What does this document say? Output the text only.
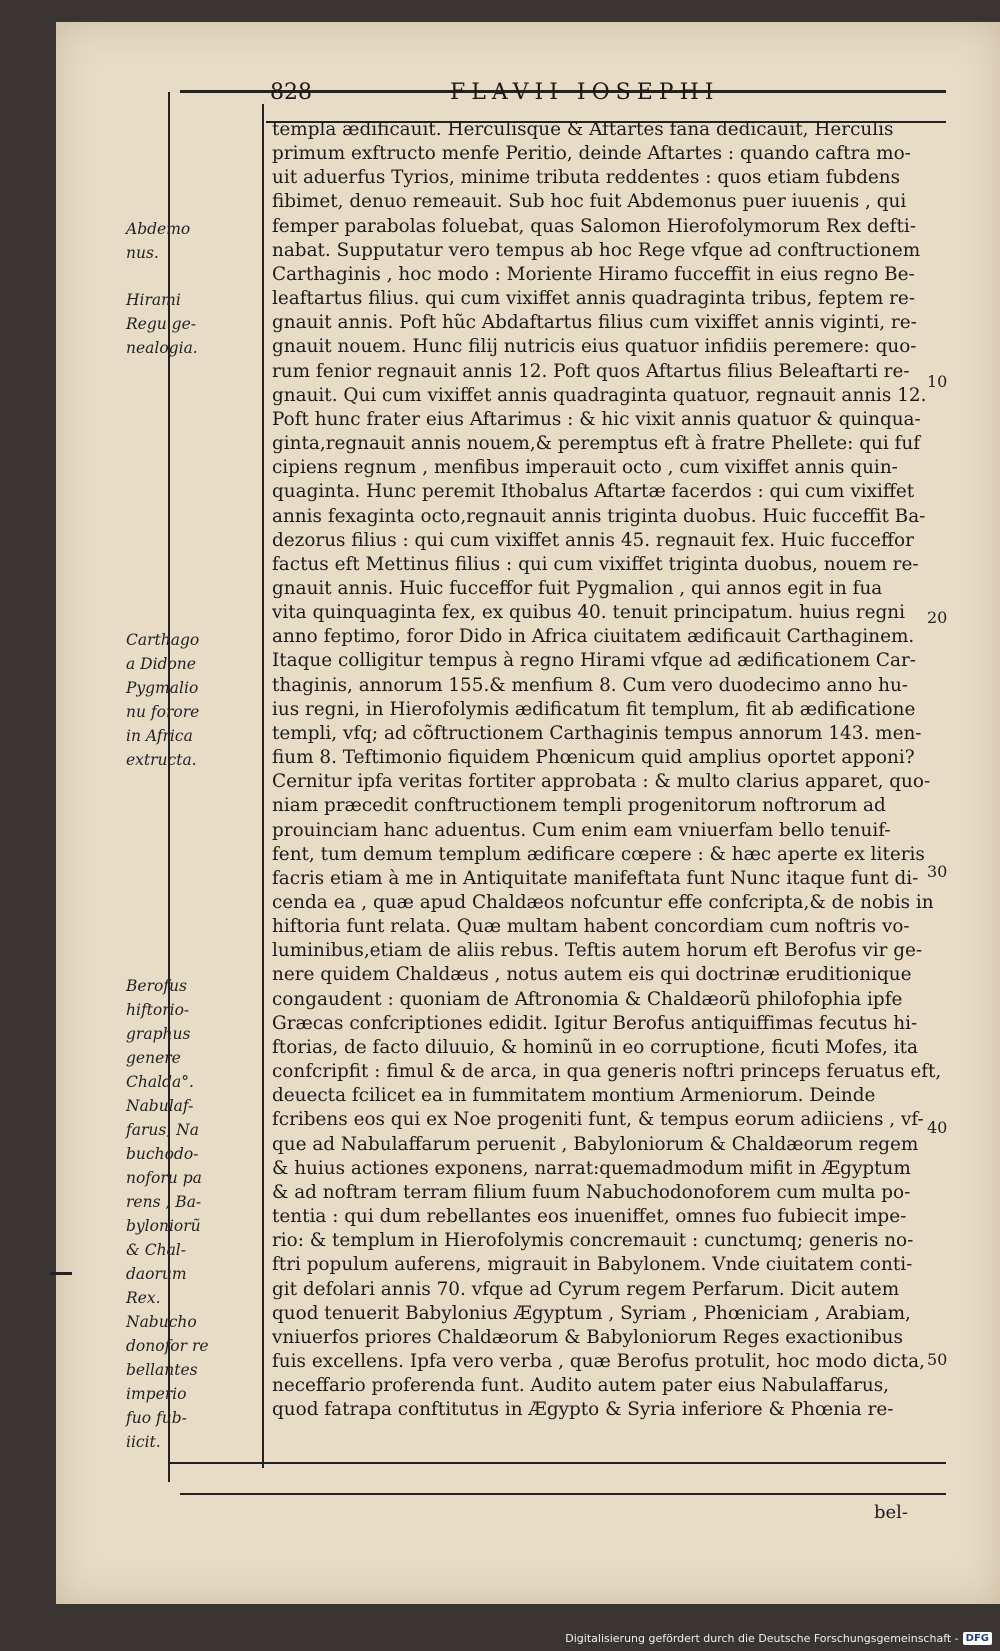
828	FLAVII IOSEPHI
Abdemo
nus.
Hirami
Regu ge-
nealogia.
Carthago
a Didone
Pygmalio
nu forore
in Africa
extructa.
Berofus
hiftorio-
graphus
genere
Chalda°.
Nabulaf-
farus, Na
buchodo-
noforu pa
rens , Ba-
byloniorũ
& Chal-
daorum
Rex.
Nabucho
donofor re
bellantes
imperio
fuo fub-
iicit.
templa ædificauit. Herculisque & Aftartes fana dedicauit, Herculis
primum exftructo menfe Peritio, deinde Aftartes : quando caftra mo-
uit aduerfus Tyrios, minime tributa reddentes : quos etiam fubdens
fibimet, denuo remeauit. Sub hoc fuit Abdemonus puer iuuenis , qui
femper parabolas foluebat, quas Salomon Hierofolymorum Rex defti-
nabat. Supputatur vero tempus ab hoc Rege vfque ad conftructionem
Carthaginis , hoc modo : Moriente Hiramo fucceffit in eius regno Be-
leaftartus filius. qui cum vixiffet annis quadraginta tribus, feptem re-
gnauit annis. Poft hũc Abdaftartus filius cum vixiffet annis viginti, re-
gnauit nouem. Hunc filij nutricis eius quatuor infidiis peremere: quo-
rum fenior regnauit annis 12. Poft quos Aftartus filius Beleaftarti re-
gnauit. Qui cum vixiffet annis quadraginta quatuor, regnauit annis 12.
Poft hunc frater eius Aftarimus : & hic vixit annis quatuor & quinqua-
ginta,regnauit annis nouem,& peremptus eft à fratre Phellete: qui fuf
cipiens regnum , menfibus imperauit octo , cum vixiffet annis quin-
quaginta. Hunc peremit Ithobalus Aftartæ facerdos : qui cum vixiffet
annis fexaginta octo,regnauit annis triginta duobus. Huic fucceffit Ba-
dezorus filius : qui cum vixiffet annis 45. regnauit fex. Huic fucceffor
factus eft Mettinus filius : qui cum vixiffet triginta duobus, nouem re-
gnauit annis. Huic fucceffor fuit Pygmalion , qui annos egit in fua
vita quinquaginta fex, ex quibus 40. tenuit principatum. huius regni
anno feptimo, foror Dido in Africa ciuitatem ædificauit Carthaginem.
Itaque colligitur tempus à regno Hirami vfque ad ædificationem Car-
thaginis, annorum 155.& menfium 8. Cum vero duodecimo anno hu-
ius regni, in Hierofolymis ædificatum fit templum, fit ab ædificatione
templi, vfq; ad cõftructionem Carthaginis tempus annorum 143. men-
fium 8. Teftimonio fiquidem Phœnicum quid amplius oportet apponi?
Cernitur ipfa veritas fortiter approbata : & multo clarius apparet, quo-
niam præcedit conftructionem templi progenitorum noftrorum ad
prouinciam hanc aduentus. Cum enim eam vniuerfam bello tenuif-
fent, tum demum templum ædificare cœpere : & hæc aperte ex literis
facris etiam à me in Antiquitate manifeftata funt Nunc itaque funt di-
cenda ea , quæ apud Chaldæos nofcuntur effe confcripta,& de nobis in
hiftoria funt relata. Quæ multam habent concordiam cum noftris vo-
luminibus,etiam de aliis rebus. Teftis autem horum eft Berofus vir ge-
nere quidem Chaldæus , notus autem eis qui doctrinæ eruditionique
congaudent : quoniam de Aftronomia & Chaldæorũ philofophia ipfe
Græcas confcriptiones edidit. Igitur Berofus antiquiffimas fecutus hi-
ftorias, de facto diluuio, & hominũ in eo corruptione, ficuti Mofes, ita
confcripfit : fimul & de arca, in qua generis noftri princeps feruatus eft,
deuecta fcilicet ea in fummitatem montium Armeniorum. Deinde
fcribens eos qui ex Noe progeniti funt, & tempus eorum adiiciens , vf-
que ad Nabulaffarum peruenit , Babyloniorum & Chaldæorum regem
& huius actiones exponens, narrat:quemadmodum mifit in Ægyptum
& ad noftram terram filium fuum Nabuchodonoforem cum multa po-
tentia : qui dum rebellantes eos inueniffet, omnes fuo fubiecit impe-
rio: & templum in Hierofolymis concremauit : cunctumq; generis no-
ftri populum auferens, migrauit in Babylonem. Vnde ciuitatem conti-
git defolari annis 70. vfque ad Cyrum regem Perfarum. Dicit autem
quod tenuerit Babylonius Ægyptum , Syriam , Phœniciam , Arabiam,
vniuerfos priores Chaldæorum & Babyloniorum Reges exactionibus
fuis excellens. Ipfa vero verba , quæ Berofus protulit, hoc modo dicta,
neceffario proferenda funt. Audito autem pater eius Nabulaffarus,
quod fatrapa conftitutus in Ægypto & Syria inferiore & Phœnia re-
10
20
30
40
50
bel-
Digitalisierung gefördert durch die Deutsche Forschungsgemeinschaft - DFG
